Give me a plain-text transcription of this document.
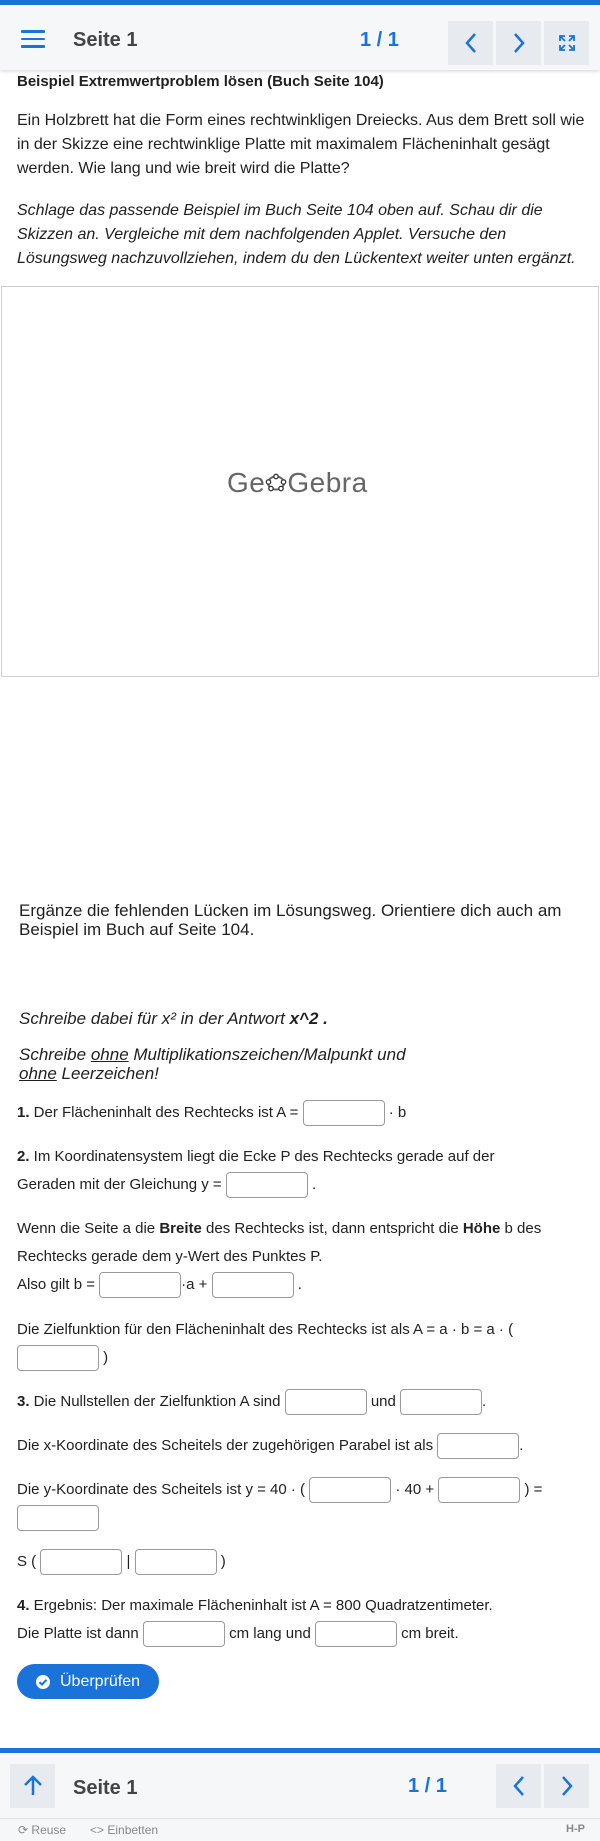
Seite 1	1 / 1
Beispiel Extremwertproblem lösen (Buch Seite 104)
Ein Holzbrett hat die Form eines rechtwinkligen Dreiecks. Aus dem Brett soll wie in der Skizze eine rechtwinklige Platte mit maximalem Flächeninhalt gesägt werden. Wie lang und wie breit wird die Platte?
Schlage das passende Beispiel im Buch Seite 104 oben auf. Schau dir die Skizzen an. Vergleiche mit dem nachfolgenden Applet. Versuche den Lösungsweg nachzuvollziehen, indem du den Lückentext weiter unten ergänzt.
Ge Gebra
Ergänze die fehlenden Lücken im Lösungsweg. Orientiere dich auch am Beispiel im Buch auf Seite 104.
Schreibe dabei für x² in der Antwort x^2 .
Schreibe ohne Multiplikationszeichen/Malpunkt und
ohne Leerzeichen!
1. Der Flächeninhalt des Rechtecks ist A =	· b
2. Im Koordinatensystem liegt die Ecke P des Rechtecks gerade auf der
Geraden mit der Gleichung y =	.
Wenn die Seite a die Breite des Rechtecks ist, dann entspricht die Höhe b des
Rechtecks gerade dem y-Wert des Punktes P.
Also gilt b =	·a +	.
Die Zielfunktion für den Flächeninhalt des Rechtecks ist als A = a · b = a · (
)
3. Die Nullstellen der Zielfunktion A sind	und	.
Die x-Koordinate des Scheitels der zugehörigen Parabel ist als	.
Die y-Koordinate des Scheitels ist y = 40 · (	· 40 +	) =
S (	|	)
4. Ergebnis: Der maximale Flächeninhalt ist A = 800 Quadratzentimeter.
Die Platte ist dann	cm lang und	cm breit.
Überprüfen
Seite 1	1 / 1
⟳ Reuse <> Einbetten	H-P
